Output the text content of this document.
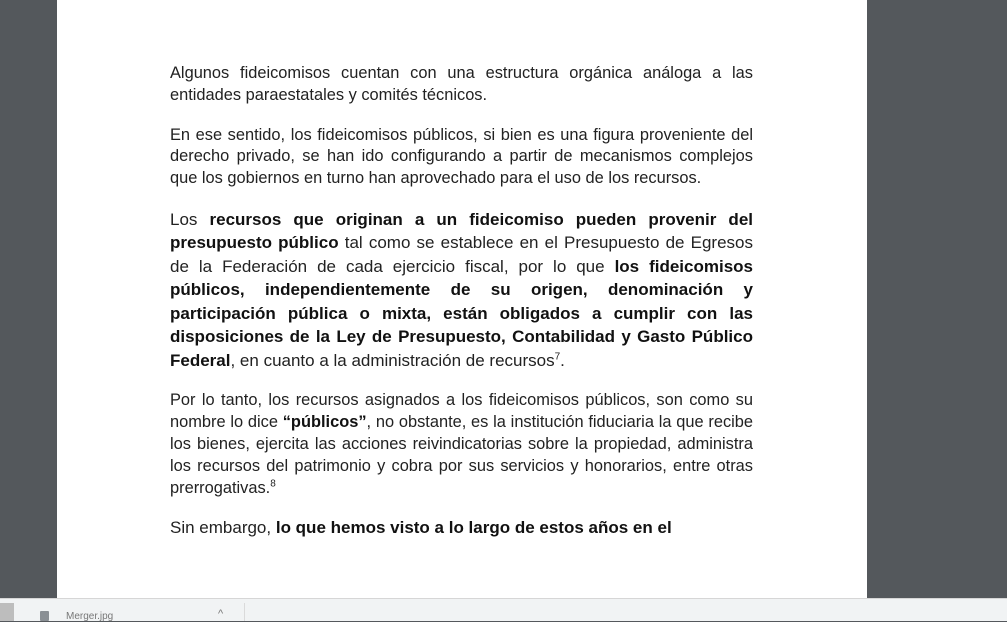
Algunos fideicomisos cuentan con una estructura orgánica análoga a las entidades paraestatales y comités técnicos.

En ese sentido, los fideicomisos públicos, si bien es una figura proveniente del derecho privado, se han ido configurando a partir de mecanismos complejos que los gobiernos en turno han aprovechado para el uso de los recursos.

Los recursos que originan a un fideicomiso pueden provenir del presupuesto público tal como se establece en el Presupuesto de Egresos de la Federación de cada ejercicio fiscal, por lo que los fideicomisos públicos, independientemente de su origen, denominación y participación pública o mixta, están obligados a cumplir con las disposiciones de la Ley de Presupuesto, Contabilidad y Gasto Público Federal, en cuanto a la administración de recursos$^7$.

Por lo tanto, los recursos asignados a los fideicomisos públicos, son como su nombre lo dice “públicos”, no obstante, es la institución fiduciaria la que recibe los bienes, ejercita las acciones reivindicatorias sobre la propiedad, administra los recursos del patrimonio y cobra por sus servicios y honorarios, entre otras prerrogativas.$^8$

Sin embargo, lo que hemos visto a lo largo de estos años en el

Merger.jpg	^
